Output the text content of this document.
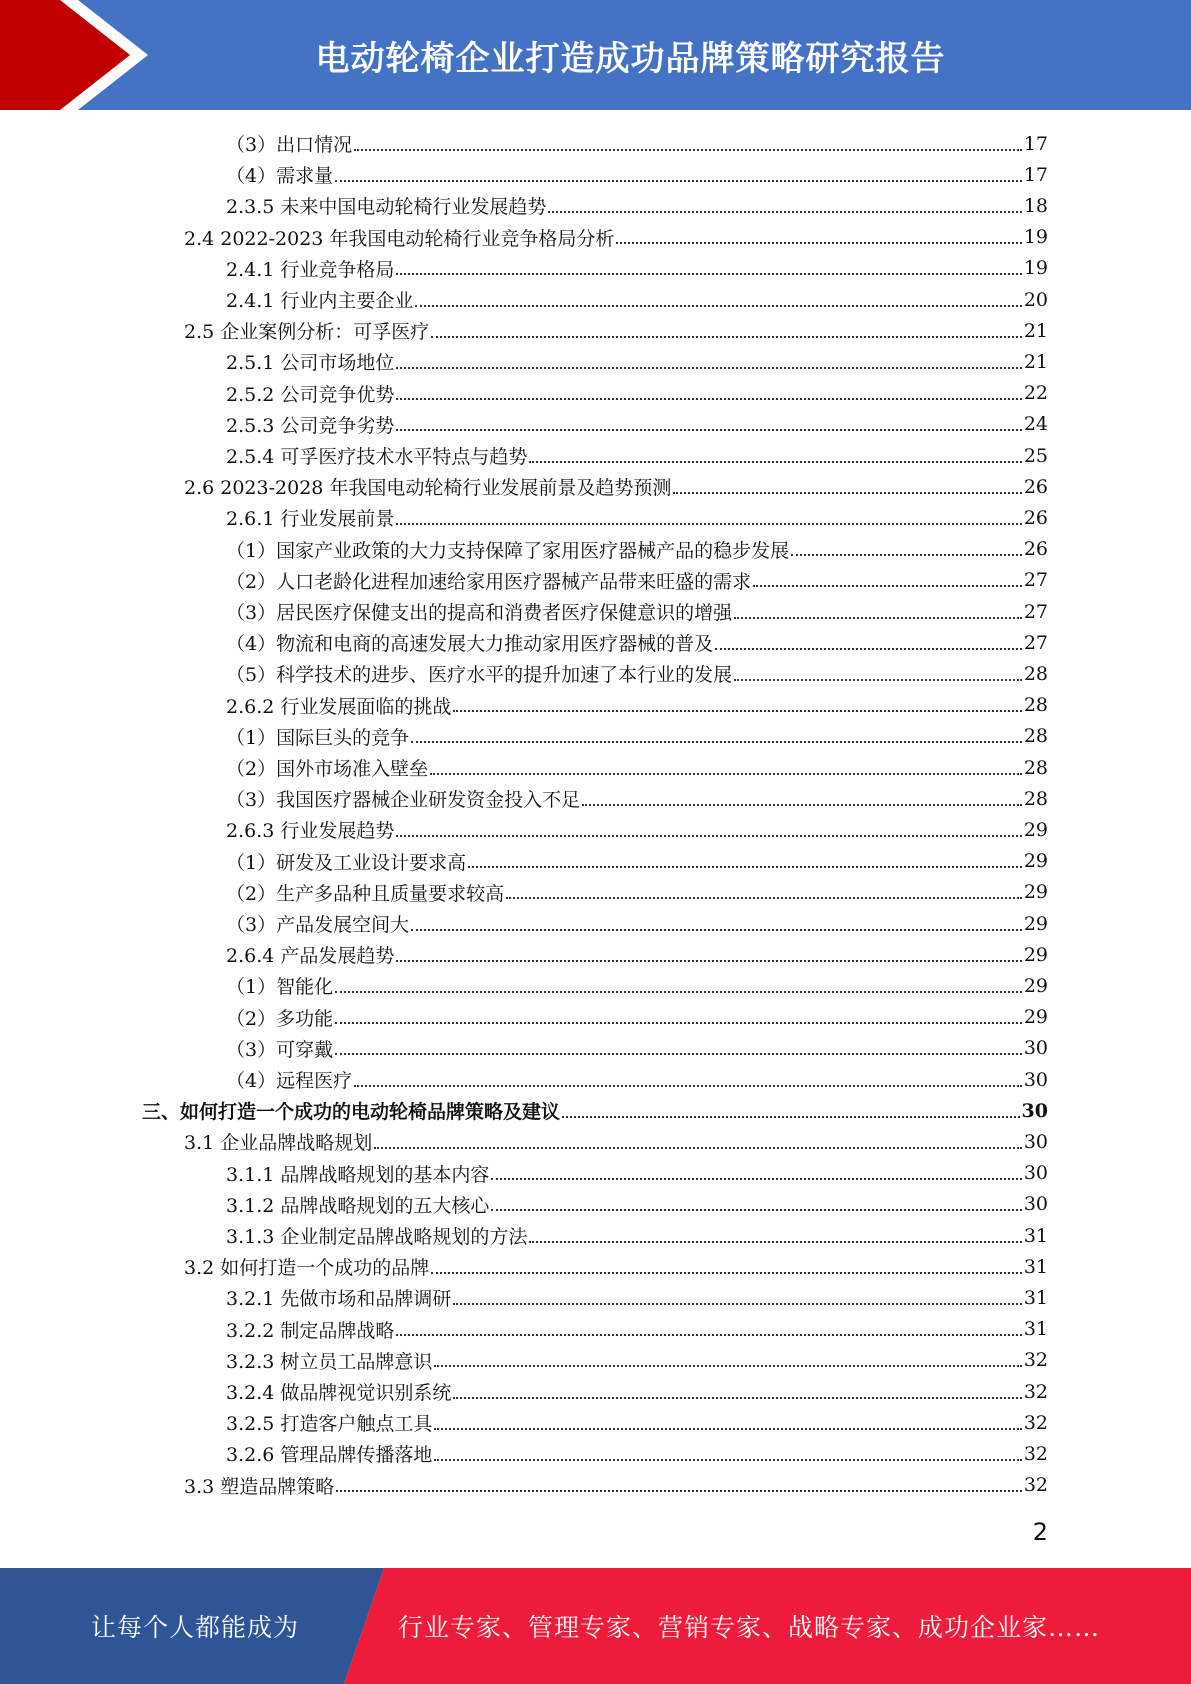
电动轮椅企业打造成功品牌策略研究报告
（3）出口情况	17
（4）需求量	17
2.3.5 未来中国电动轮椅行业发展趋势	18
2.4 2022-2023 年我国电动轮椅行业竞争格局分析	19
2.4.1 行业竞争格局	19
2.4.1 行业内主要企业	20
2.5 企业案例分析：可孚医疗	21
2.5.1 公司市场地位	21
2.5.2 公司竞争优势	22
2.5.3 公司竞争劣势	24
2.5.4 可孚医疗技术水平特点与趋势	25
2.6 2023-2028 年我国电动轮椅行业发展前景及趋势预测	26
2.6.1 行业发展前景	26
（1）国家产业政策的大力支持保障了家用医疗器械产品的稳步发展	26
（2）人口老龄化进程加速给家用医疗器械产品带来旺盛的需求	27
（3）居民医疗保健支出的提高和消费者医疗保健意识的增强	27
（4）物流和电商的高速发展大力推动家用医疗器械的普及	27
（5）科学技术的进步、医疗水平的提升加速了本行业的发展	28
2.6.2 行业发展面临的挑战	28
（1）国际巨头的竞争	28
（2）国外市场准入壁垒	28
（3）我国医疗器械企业研发资金投入不足	28
2.6.3 行业发展趋势	29
（1）研发及工业设计要求高	29
（2）生产多品种且质量要求较高	29
（3）产品发展空间大	29
2.6.4 产品发展趋势	29
（1）智能化	29
（2）多功能	29
（3）可穿戴	30
（4）远程医疗	30
三、如何打造一个成功的电动轮椅品牌策略及建议	30
3.1 企业品牌战略规划	30
3.1.1 品牌战略规划的基本内容	30
3.1.2 品牌战略规划的五大核心	30
3.1.3 企业制定品牌战略规划的方法	31
3.2 如何打造一个成功的品牌	31
3.2.1 先做市场和品牌调研	31
3.2.2 制定品牌战略	31
3.2.3 树立员工品牌意识	32
3.2.4 做品牌视觉识别系统	32
3.2.5 打造客户触点工具	32
3.2.6 管理品牌传播落地	32
3.3 塑造品牌策略	32
2
让每个人都能成为	行业专家、管理专家、营销专家、战略专家、成功企业家……
